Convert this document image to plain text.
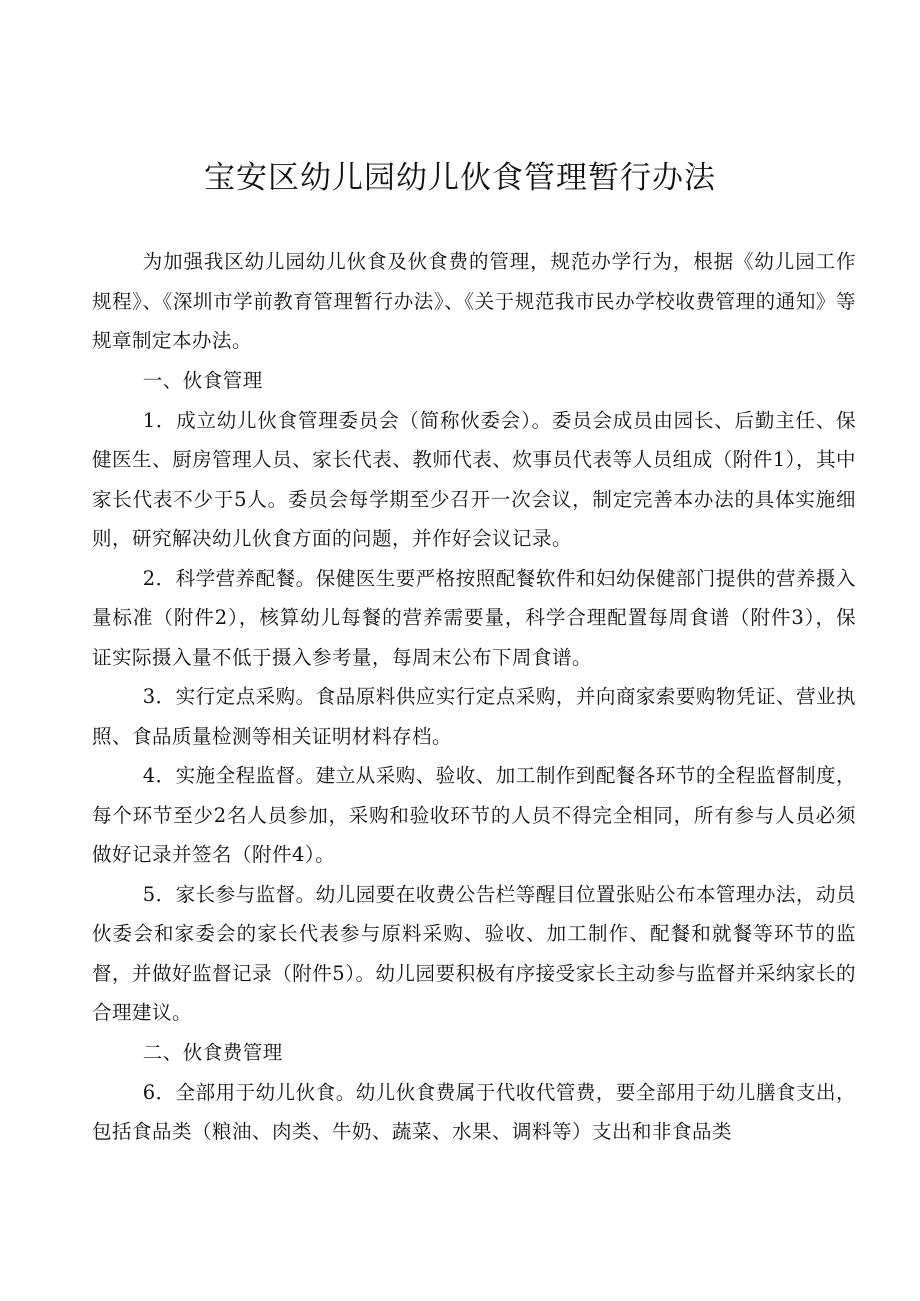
宝安区幼儿园幼儿伙食管理暂行办法

为加强我区幼儿园幼儿伙食及伙食费的管理，规范办学行为，根据《幼儿园工作规程》、《深圳市学前教育管理暂行办法》、《关于规范我市民办学校收费管理的通知》等规章制定本办法。

一、伙食管理

1．成立幼儿伙食管理委员会（简称伙委会）。委员会成员由园长、后勤主任、保健医生、厨房管理人员、家长代表、教师代表、炊事员代表等人员组成（附件1），其中家长代表不少于5人。委员会每学期至少召开一次会议，制定完善本办法的具体实施细则，研究解决幼儿伙食方面的问题，并作好会议记录。

2．科学营养配餐。保健医生要严格按照配餐软件和妇幼保健部门提供的营养摄入量标准（附件2），核算幼儿每餐的营养需要量，科学合理配置每周食谱（附件3），保证实际摄入量不低于摄入参考量，每周末公布下周食谱。

3．实行定点采购。食品原料供应实行定点采购，并向商家索要购物凭证、营业执照、食品质量检测等相关证明材料存档。

4．实施全程监督。建立从采购、验收、加工制作到配餐各环节的全程监督制度，每个环节至少2名人员参加，采购和验收环节的人员不得完全相同，所有参与人员必须做好记录并签名（附件4）。

5．家长参与监督。幼儿园要在收费公告栏等醒目位置张贴公布本管理办法，动员伙委会和家委会的家长代表参与原料采购、验收、加工制作、配餐和就餐等环节的监督，并做好监督记录（附件5）。幼儿园要积极有序接受家长主动参与监督并采纳家长的合理建议。

二、伙食费管理

6．全部用于幼儿伙食。幼儿伙食费属于代收代管费，要全部用于幼儿膳食支出，包括食品类（粮油、肉类、牛奶、蔬菜、水果、调料等）支出和非食品类
